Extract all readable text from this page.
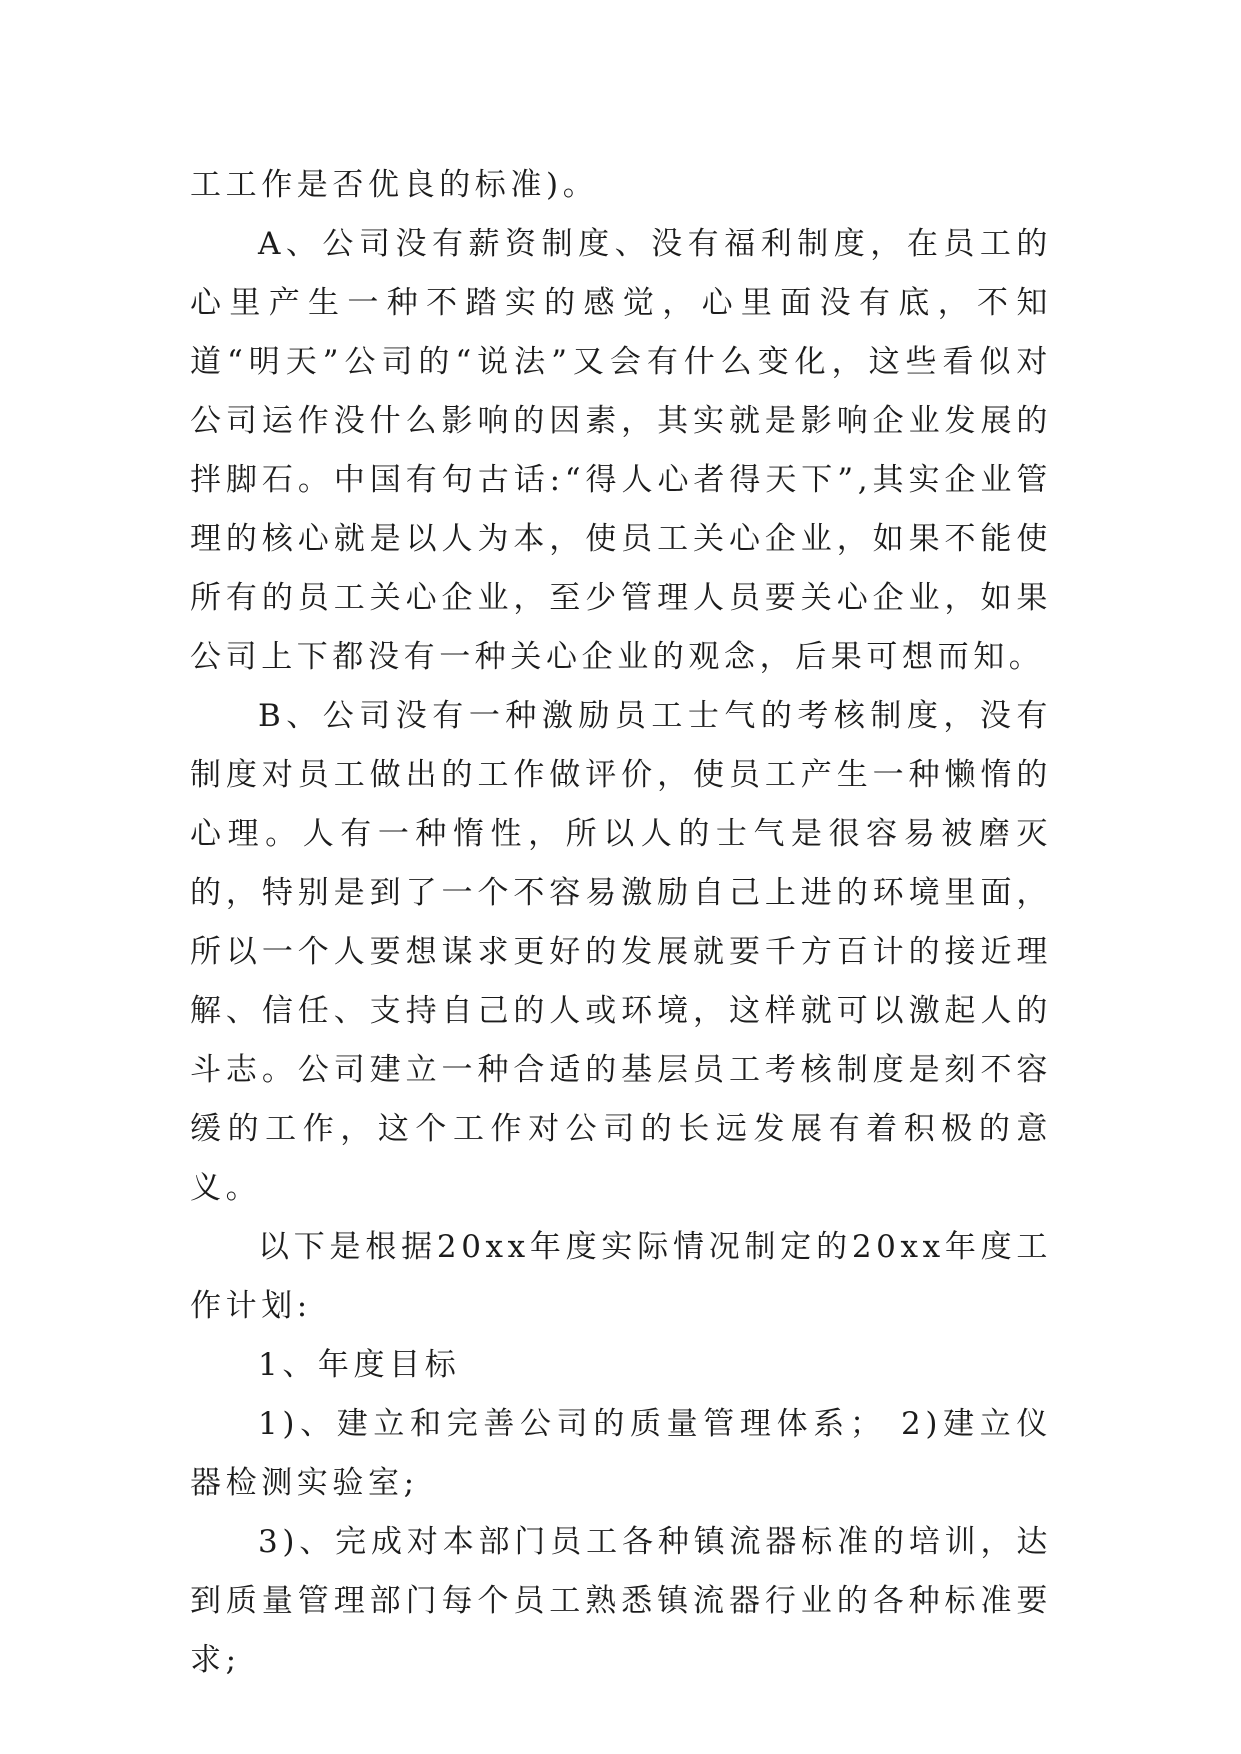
工工作是否优良的标准)。

A、公司没有薪资制度、没有福利制度，在员工的心里产生一种不踏实的感觉，心里面没有底，不知道“明天”公司的“说法”又会有什么变化，这些看似对公司运作没什么影响的因素，其实就是影响企业发展的拌脚石。中国有句古话:“得人心者得天下”,其实企业管理的核心就是以人为本，使员工关心企业，如果不能使所有的员工关心企业，至少管理人员要关心企业，如果公司上下都没有一种关心企业的观念，后果可想而知。

B、公司没有一种激励员工士气的考核制度，没有制度对员工做出的工作做评价，使员工产生一种懒惰的心理。人有一种惰性，所以人的士气是很容易被磨灭的，特别是到了一个不容易激励自己上进的环境里面，所以一个人要想谋求更好的发展就要千方百计的接近理解、信任、支持自己的人或环境，这样就可以激起人的斗志。公司建立一种合适的基层员工考核制度是刻不容缓的工作，这个工作对公司的长远发展有着积极的意义。

以下是根据20xx年度实际情况制定的20xx年度工作计划:

1、年度目标

1)、建立和完善公司的质量管理体系； 2)建立仪器检测实验室;

3)、完成对本部门员工各种镇流器标准的培训，达到质量管理部门每个员工熟悉镇流器行业的各种标准要求;
